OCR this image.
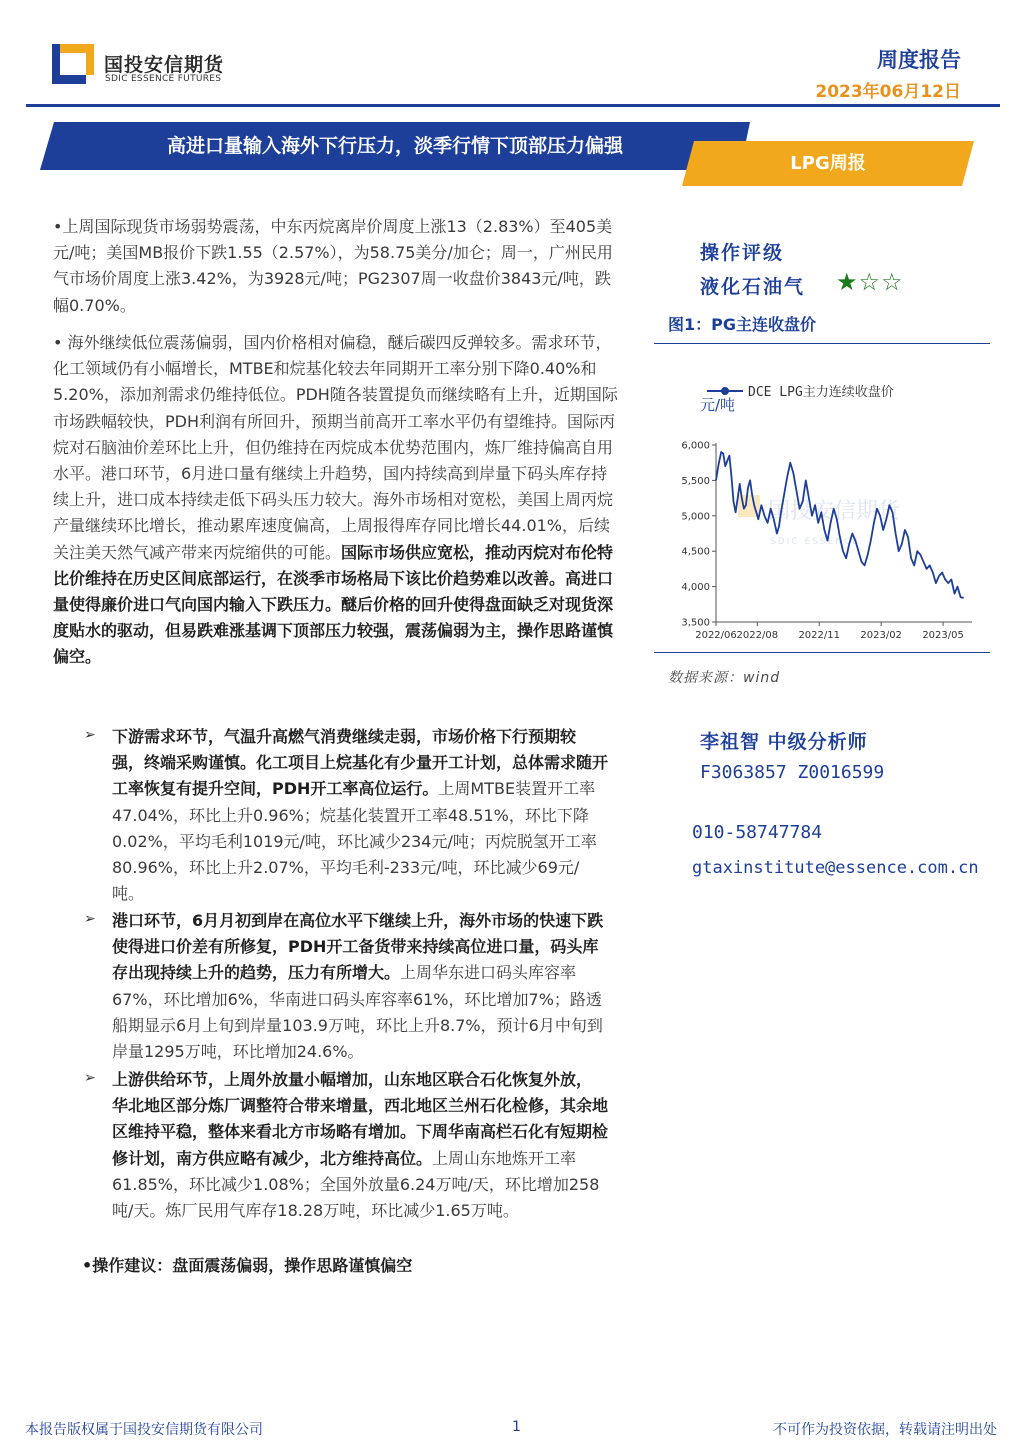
国投安信期货
SDIC ESSENCE FUTURES
周度报告
2023年06月12日
高进口量输入海外下行压力，淡季行情下顶部压力偏强
LPG周报

•上周国际现货市场弱势震荡，中东丙烷离岸价周度上涨13（2.83%）至405美元/吨；美国MB报价下跌1.55（2.57%），为58.75美分/加仑；周一，广州民用气市场价周度上涨3.42%，为3928元/吨；PG2307周一收盘价3843元/吨，跌幅0.70%。

• 海外继续低位震荡偏弱，国内价格相对偏稳，醚后碳四反弹较多。需求环节，化工领域仍有小幅增长，MTBE和烷基化较去年同期开工率分别下降0.40%和5.20%，添加剂需求仍维持低位。PDH随各装置提负而继续略有上升，近期国际市场跌幅较快，PDH利润有所回升，预期当前高开工率水平仍有望维持。国际丙烷对石脑油价差环比上升，但仍维持在丙烷成本优势范围内，炼厂维持偏高自用水平。港口环节，6月进口量有继续上升趋势，国内持续高到岸量下码头库存持续上升，进口成本持续走低下码头压力较大。海外市场相对宽松，美国上周丙烷产量继续环比增长，推动累库速度偏高，上周报得库存同比增长44.01%，后续关注美天然气减产带来丙烷缩供的可能。国际市场供应宽松，推动丙烷对布伦特比价维持在历史区间底部运行，在淡季市场格局下该比价趋势难以改善。高进口量使得廉价进口气向国内输入下跌压力。醚后价格的回升使得盘面缺乏对现货深度贴水的驱动，但易跌难涨基调下顶部压力较强，震荡偏弱为主，操作思路谨慎偏空。

➢ 下游需求环节，气温升高燃气消费继续走弱，市场价格下行预期较强，终端采购谨慎。化工项目上烷基化有少量开工计划，总体需求随开工率恢复有提升空间，PDH开工率高位运行。上周MTBE装置开工率47.04%，环比上升0.96%；烷基化装置开工率48.51%，环比下降0.02%，平均毛利1019元/吨，环比减少234元/吨；丙烷脱氢开工率80.96%，环比上升2.07%，平均毛利-233元/吨，环比减少69元/吨。

➢ 港口环节，6月月初到岸在高位水平下继续上升，海外市场的快速下跌使得进口价差有所修复，PDH开工备货带来持续高位进口量，码头库存出现持续上升的趋势，压力有所增大。上周华东进口码头库容率67%，环比增加6%，华南进口码头库容率61%，环比增加7%；路透船期显示6月上旬到岸量103.9万吨，环比上升8.7%，预计6月中旬到岸量1295万吨，环比增加24.6%。

➢ 上游供给环节，上周外放量小幅增加，山东地区联合石化恢复外放，华北地区部分炼厂调整符合带来增量，西北地区兰州石化检修，其余地区维持平稳，整体来看北方市场略有增加。下周华南高栏石化有短期检修计划，南方供应略有减少，北方维持高位。上周山东地炼开工率61.85%，环比减少1.08%；全国外放量6.24万吨/天，环比增加258吨/天。炼厂民用气库存18.28万吨，环比减少1.65万吨。

•操作建议：盘面震荡偏弱，操作思路谨慎偏空
操作评级
液化石油气 ★☆☆
图1：PG主连收盘价
国投安信期货
SDIC ESSENCE
DCE LPG主力连续收盘价
元/吨
3,500
4,000
4,500
5,000
5,500
6,000
2022/06 2022/08 2022/11 2023/02 2023/05
数据来源：wind
李祖智 中级分析师
F3063857 Z0016599
010-58747784
gtaxinstitute@essence.com.cn
本报告版权属于国投安信期货有限公司	1	不可作为投资依据，转载请注明出处
